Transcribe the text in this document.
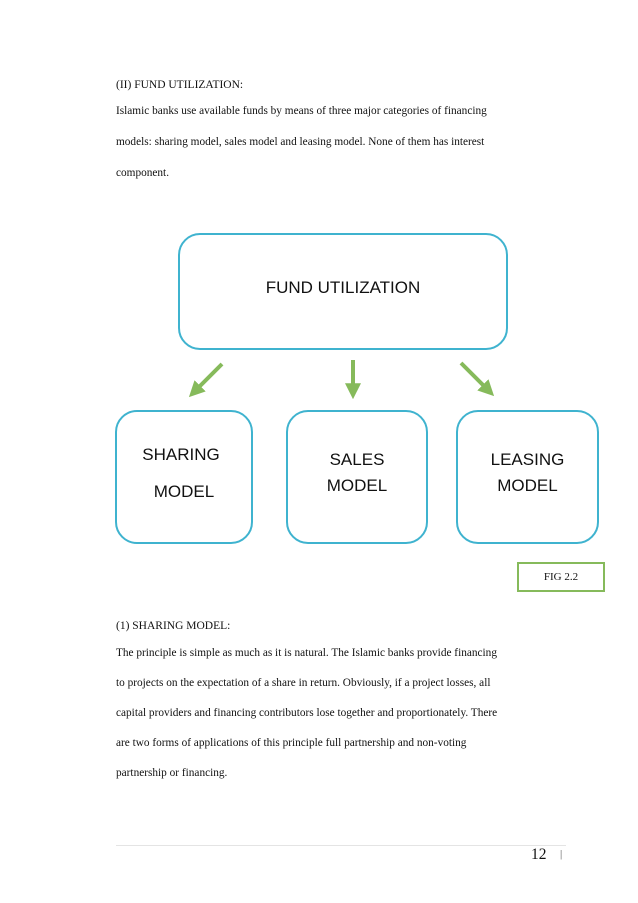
(II) FUND UTILIZATION:
Islamic banks use available funds by means of three major categories of financing
models: sharing model, sales model and leasing model. None of them has interest
component.
FUND UTILIZATION
SHARING
MODEL
SALES
MODEL
LEASING
MODEL
FIG 2.2
(1) SHARING MODEL:
The principle is simple as much as it is natural. The Islamic banks provide financing
to projects on the expectation of a share in return. Obviously, if a project losses, all
capital providers and financing contributors lose together and proportionately. There
are two forms of applications of this principle full partnership and non-voting
partnership or financing.
12 |
